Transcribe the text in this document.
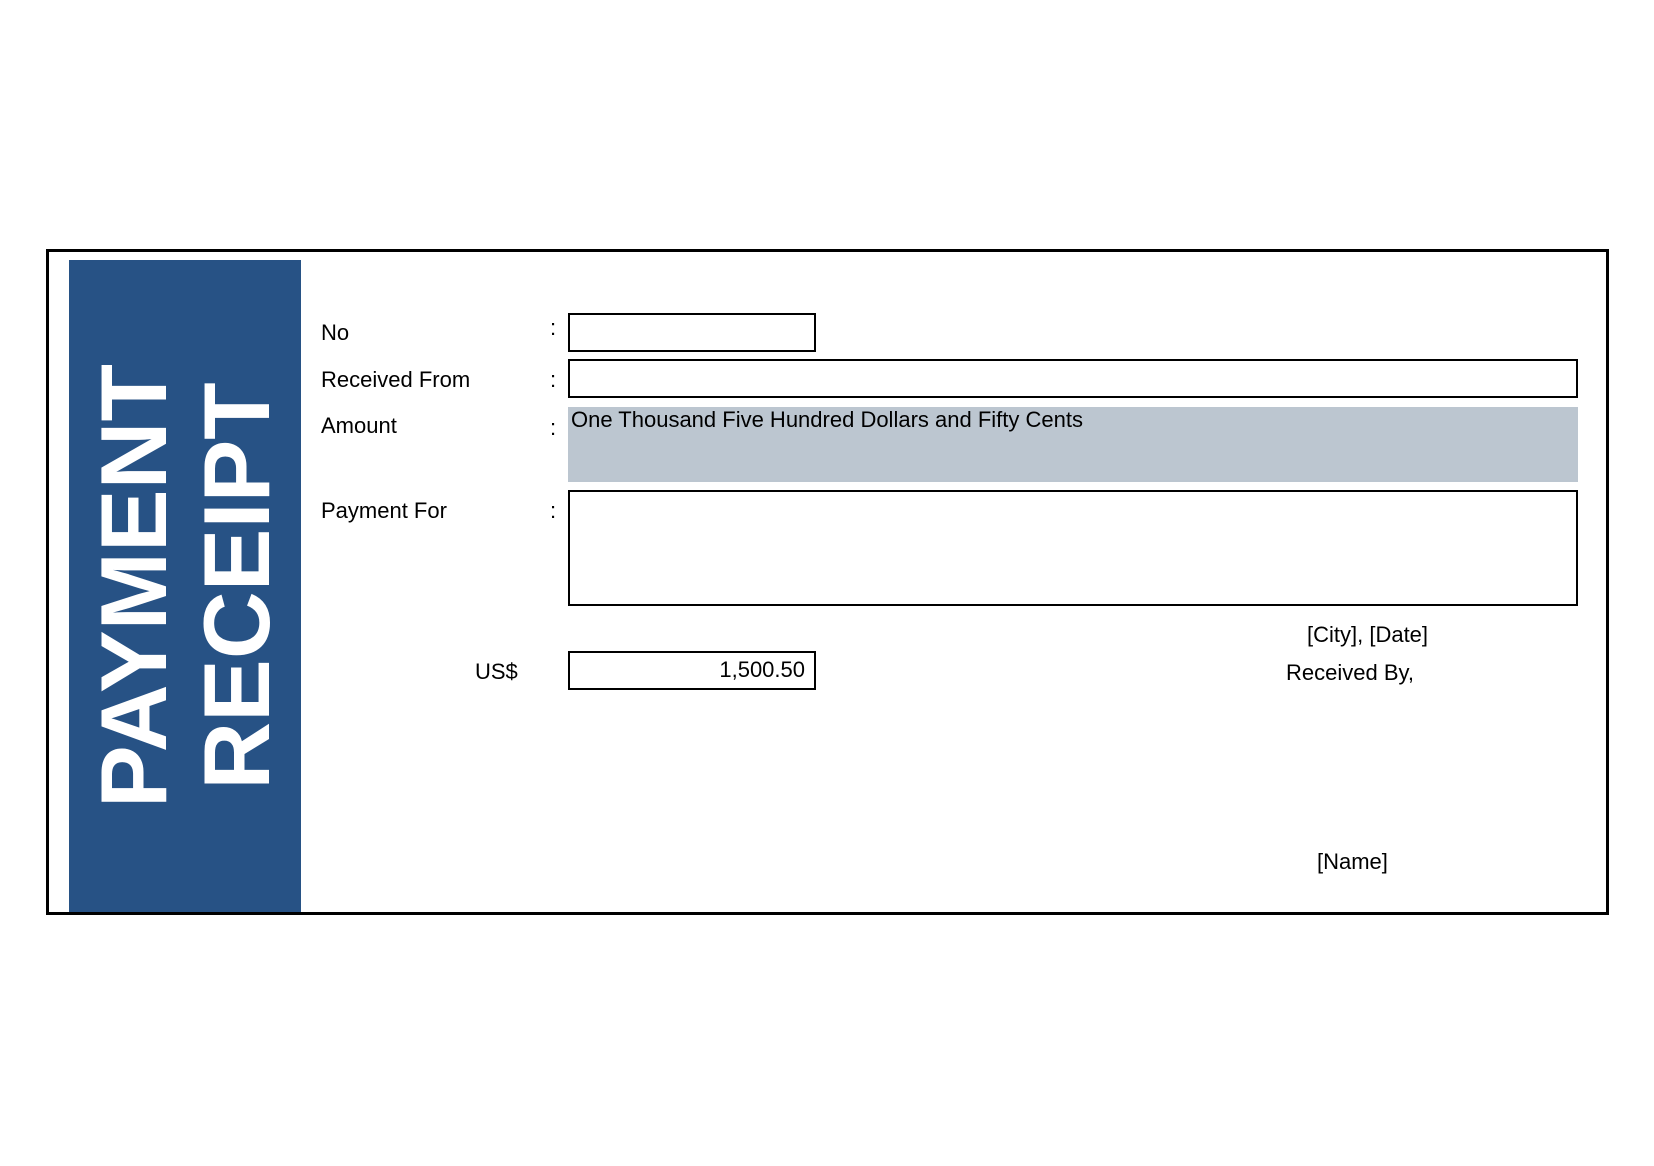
PAYMENT
RECEIPT
No	:
Received From	:
Amount	: One Thousand Five Hundred Dollars and Fifty Cents
Payment For	:
US$	1,500.50
[City], [Date]
Received By,
[Name]
